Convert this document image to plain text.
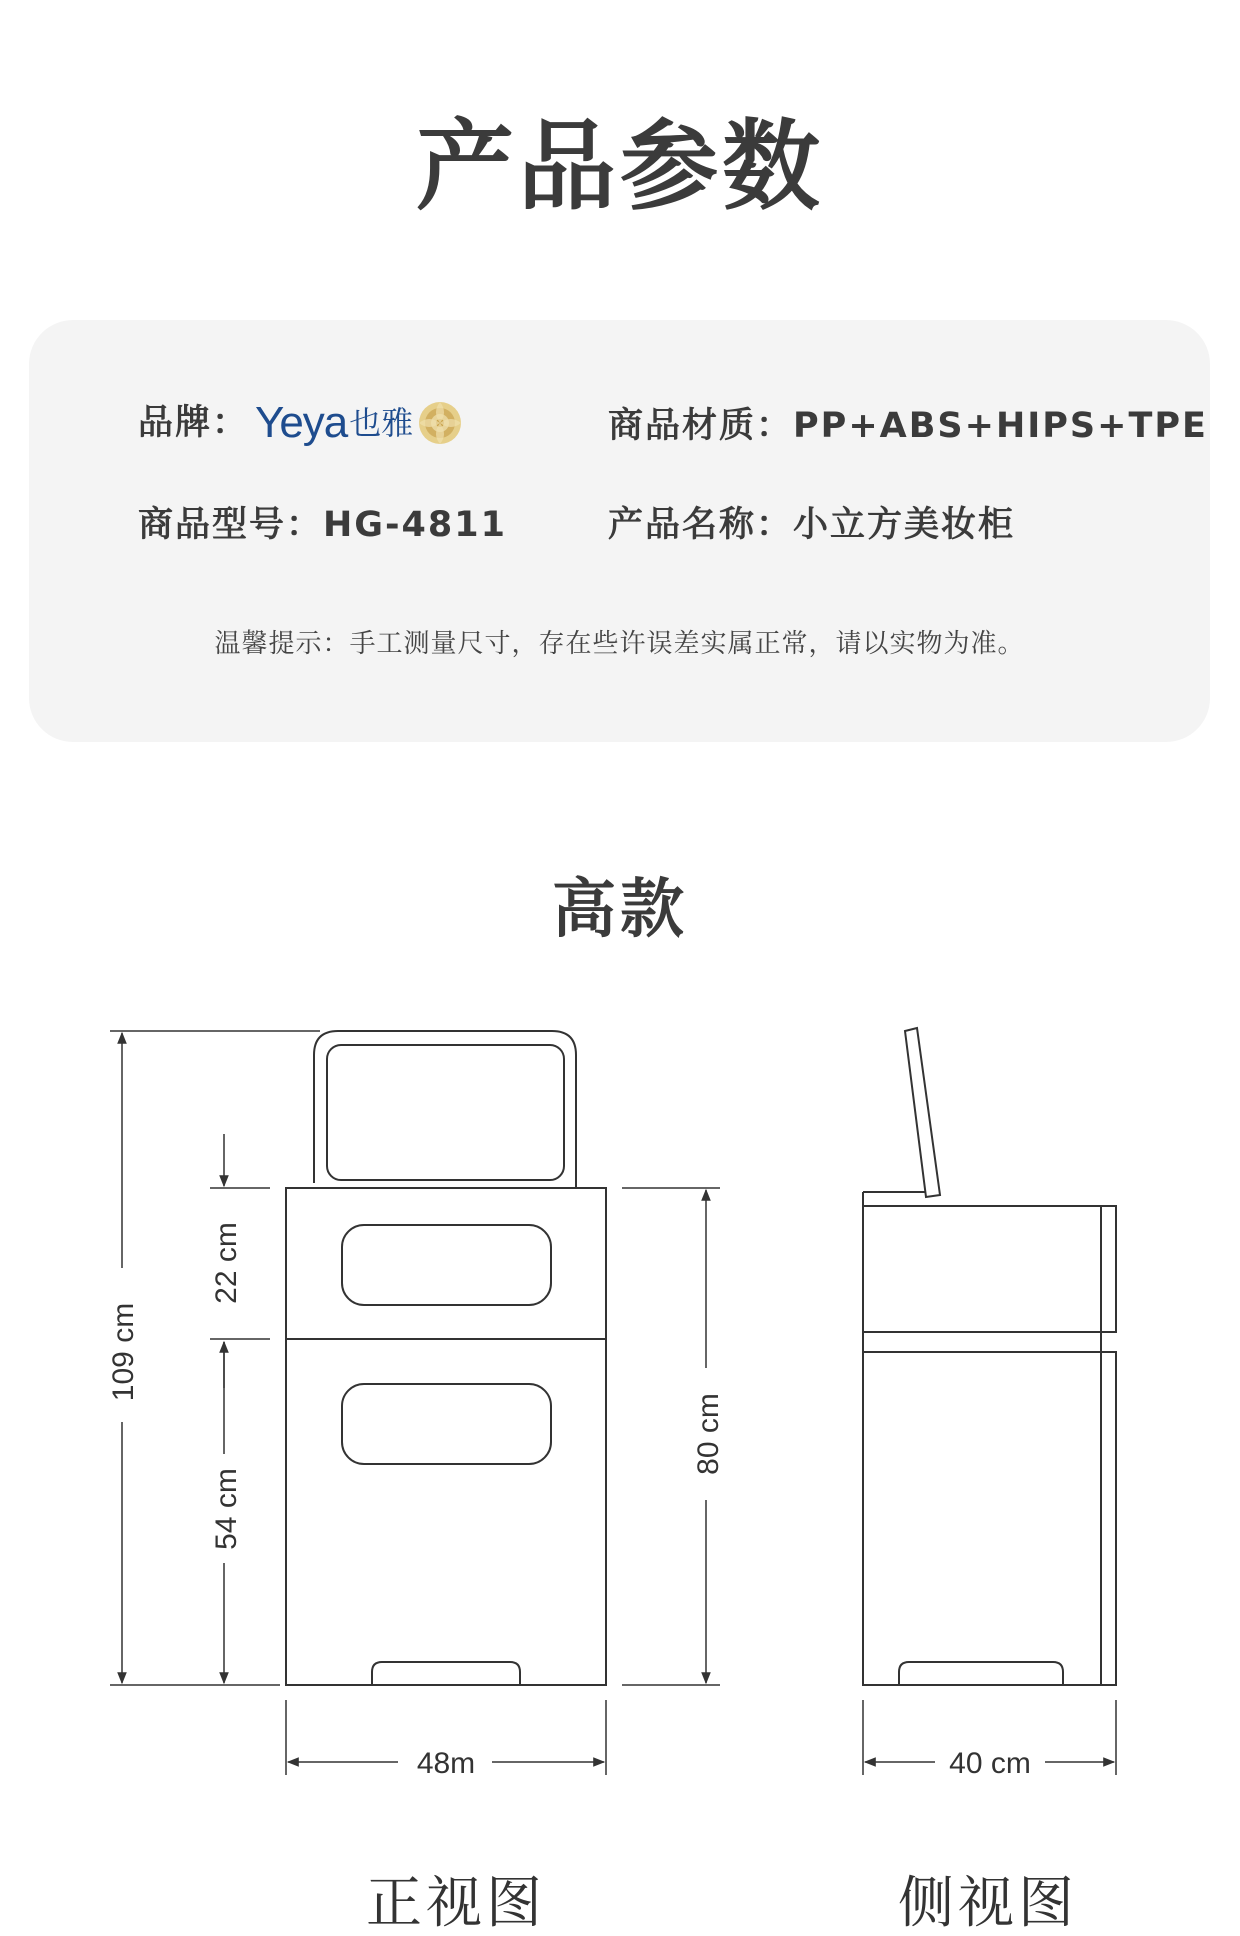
产品参数
品牌： Yeya 也雅	商品材质：PP+ABS+HIPS+TPE
商品型号：HG-4811	产品名称：小立方美妆柜
温馨提示：手工测量尺寸，存在些许误差实属正常，请以实物为准。
高款
109 cm
22 cm
54 cm
80 cm
48m	40 cm
正视图	侧视图
